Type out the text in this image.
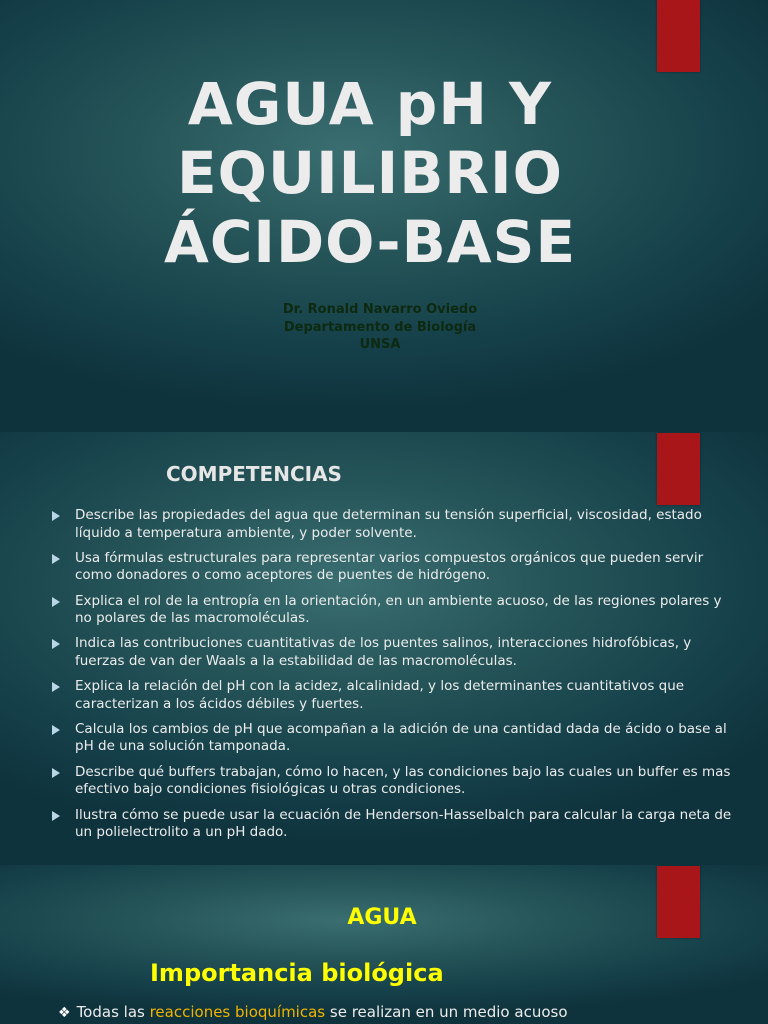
AGUA pH Y
EQUILIBRIO
ÁCIDO-BASE
Dr. Ronald Navarro Oviedo
Departamento de Biología
UNSA
COMPETENCIAS
Describe las propiedades del agua que determinan su tensión superficial, viscosidad, estado líquido a temperatura ambiente, y poder solvente.
Usa fórmulas estructurales para representar varios compuestos orgánicos que pueden servir como donadores o como aceptores de puentes de hidrógeno.
Explica el rol de la entropía en la orientación, en un ambiente acuoso, de las regiones polares y no polares de las macromoléculas.
Indica las contribuciones cuantitativas de los puentes salinos, interacciones hidrofóbicas, y fuerzas de van der Waals a la estabilidad de las macromoléculas.
Explica la relación del pH con la acidez, alcalinidad, y los determinantes cuantitativos que caracterizan a los ácidos débiles y fuertes.
Calcula los cambios de pH que acompañan a la adición de una cantidad dada de ácido o base al pH de una solución tamponada.
Describe qué buffers trabajan, cómo lo hacen, y las condiciones bajo las cuales un buffer es mas efectivo bajo condiciones fisiológicas u otras condiciones.
Ilustra cómo se puede usar la ecuación de Henderson-Hasselbalch para calcular la carga neta de un polielectrolito a un pH dado.
AGUA
Importancia biológica
❖ Todas las reacciones bioquímicas se realizan en un medio acuoso
